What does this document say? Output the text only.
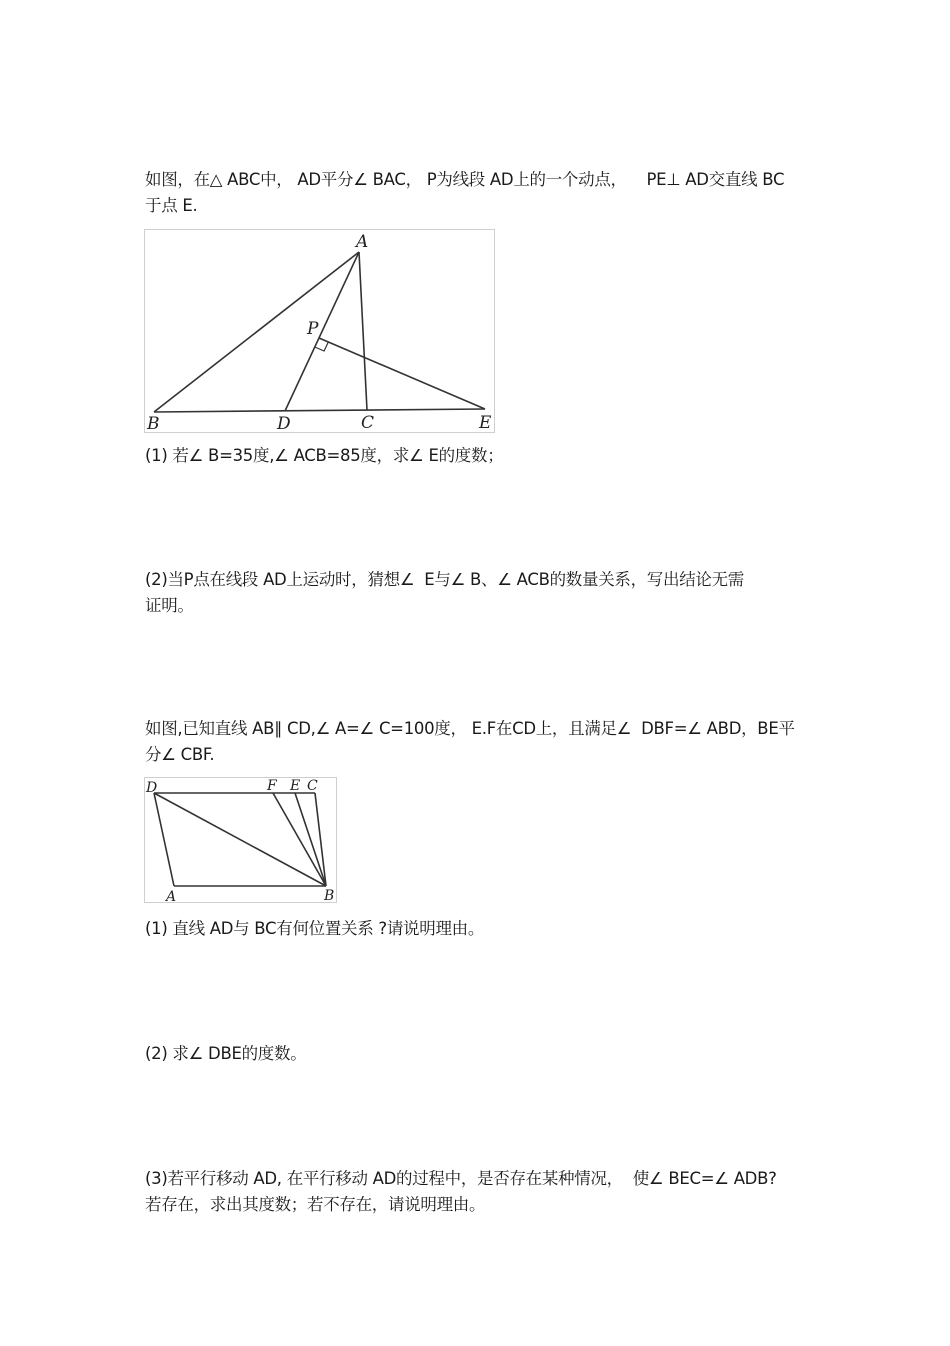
如图，在△ ABC中， AD平分∠ BAC， P为线段 AD上的一个动点，    PE⊥ AD交直线 BC
于点 E.
A
P
B	D	C	E
(1) 若∠ B=35度,∠ ACB=85度，求∠ E的度数；
(2)当P点在线段 AD上运动时，猜想∠  E与∠ B、∠ ACB的数量关系，写出结论无需
证明。
如图,已知直线 AB∥ CD,∠ A=∠ C=100度， E.F在CD上，且满足∠  DBF=∠ ABD，BE平
分∠ CBF.
D	F E C
A	B
(1) 直线 AD与 BC有何位置关系 ?请说明理由。
(2) 求∠ DBE的度数。
(3)若平行移动 AD, 在平行移动 AD的过程中，是否存在某种情况，  使∠ BEC=∠ ADB?
若存在，求出其度数；若不存在，请说明理由。
